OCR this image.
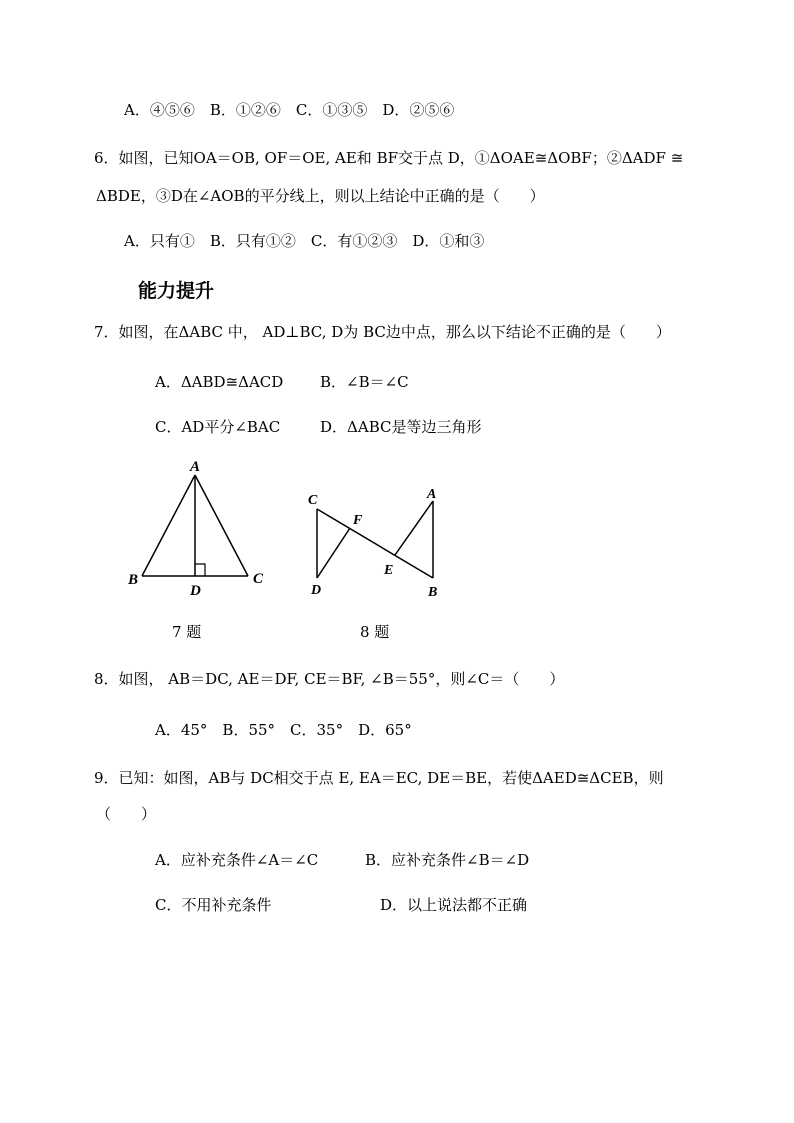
A．④⑤⑥　B．①②⑥　C．①③⑤　D．②⑤⑥
6．如图，已知OA＝OB, OF＝OE, AE和 BF交于点 D，①ΔOAE≅ΔOBF；②ΔADF ≅
ΔBDE，③D在∠AOB的平分线上，则以上结论中正确的是（　　）
A．只有①　B．只有①②　C．有①②③　D．①和③
能力提升
7．如图，在ΔABC 中， AD⊥BC, D为 BC边中点，那么以下结论不正确的是（　　）
A．ΔABD≅ΔACD B．∠B＝∠C
C．AD平分∠BAC	D．ΔABC是等边三角形
A
B	C
D
7 题
C
F
A
E
D	B
8 题
8．如图， AB＝DC, AE＝DF, CE＝BF, ∠B＝55°，则∠C＝（　　）
A．45°　B．55°　C．35°　D．65°
9．已知：如图，AB与 DC相交于点 E, EA＝EC, DE＝BE，若使ΔAED≅ΔCEB，则
（　　）
A．应补充条件∠A＝∠C	B．应补充条件∠B＝∠D
C．不用补充条件	D．以上说法都不正确
